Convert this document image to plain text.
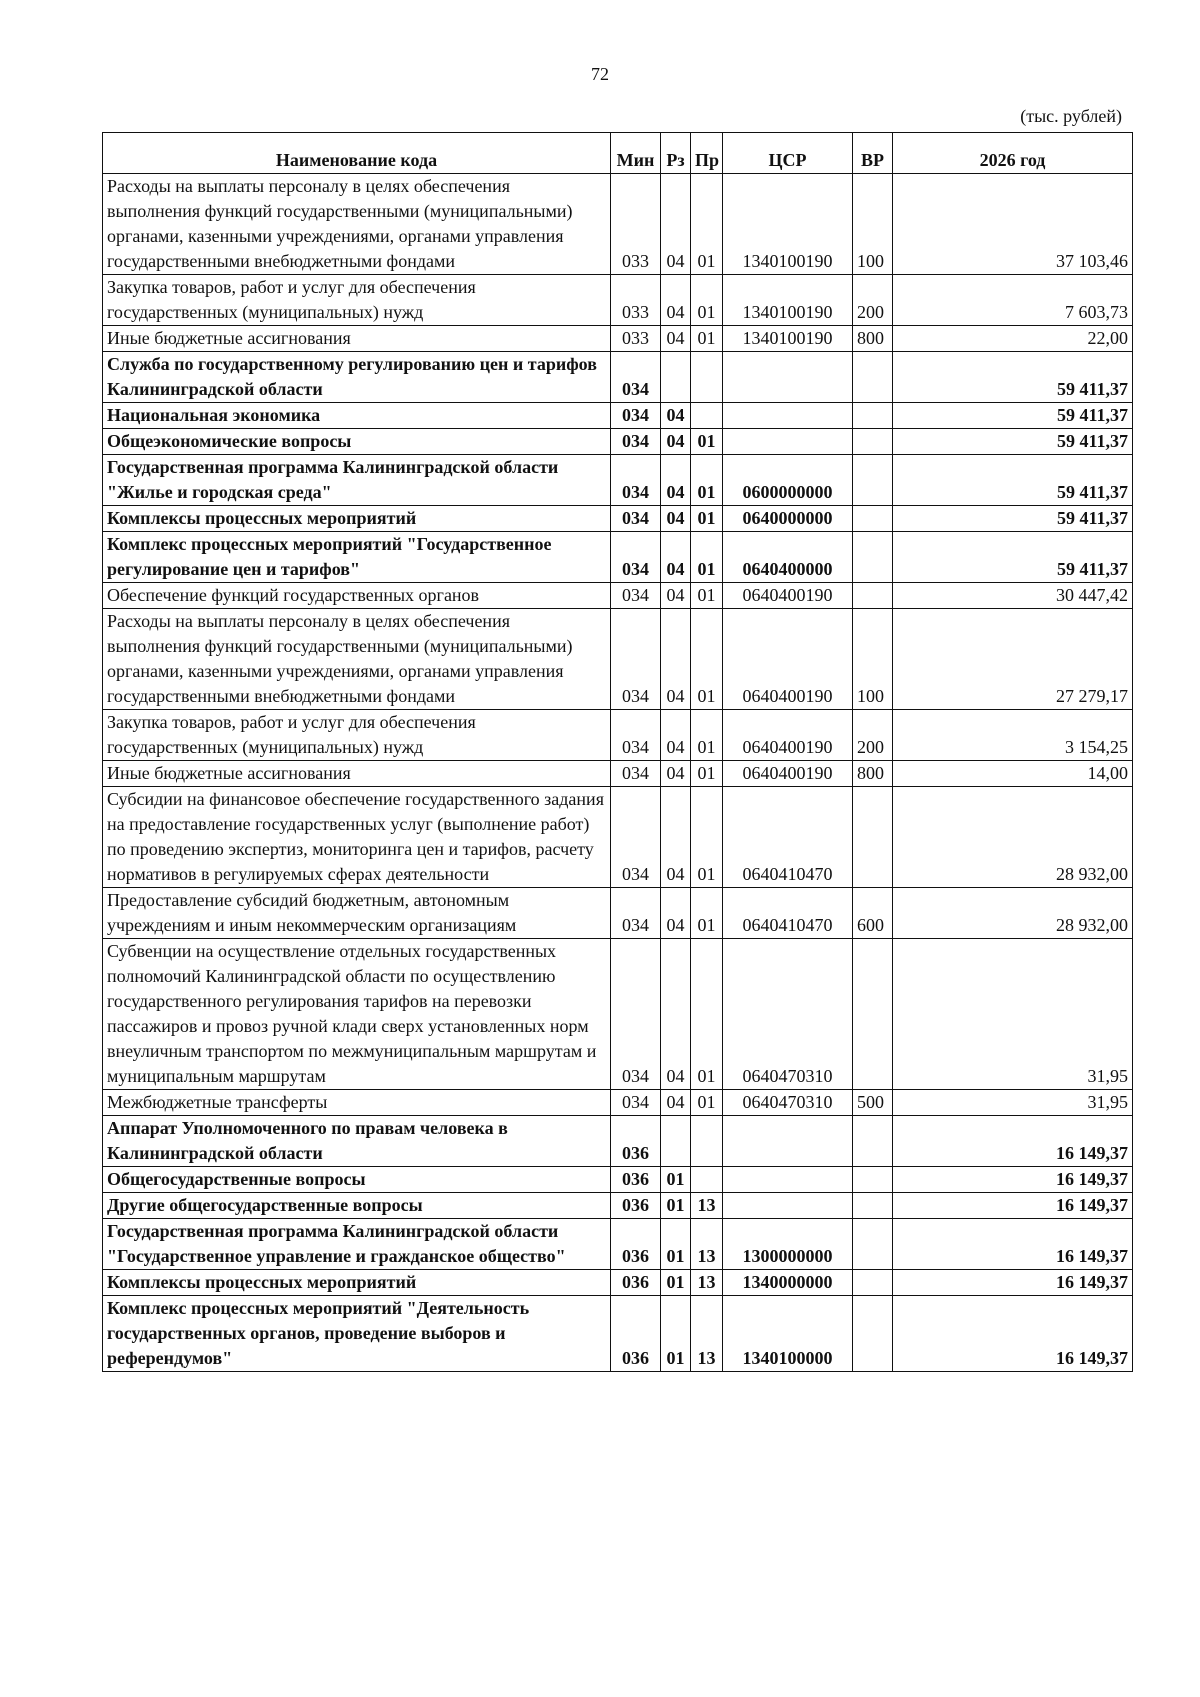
72
(тыс. рублей)
Наименование кода	Мин	Рз	Пр	ЦСР	ВР	2026 год
Расходы на выплаты персоналу в целях обеспечения выполнения функций государственными (муниципальными) органами, казенными учреждениями, органами управления государственными внебюджетными фондами	033	04	01	1340100190	100	37 103,46
Закупка товаров, работ и услуг для обеспечения государственных (муниципальных) нужд	033	04	01	1340100190	200	7 603,73
Иные бюджетные ассигнования	033	04	01	1340100190	800	22,00
Служба по государственному регулированию цен и тарифов Калининградской области	034					59 411,37
Национальная экономика	034	04				59 411,37
Общеэкономические вопросы	034	04	01			59 411,37
Государственная программа Калининградской области "Жилье и городская среда"	034	04	01	0600000000		59 411,37
Комплексы процессных мероприятий	034	04	01	0640000000		59 411,37
Комплекс процессных мероприятий "Государственное регулирование цен и тарифов"	034	04	01	0640400000		59 411,37
Обеспечение функций государственных органов	034	04	01	0640400190		30 447,42
Расходы на выплаты персоналу в целях обеспечения выполнения функций государственными (муниципальными) органами, казенными учреждениями, органами управления государственными внебюджетными фондами	034	04	01	0640400190	100	27 279,17
Закупка товаров, работ и услуг для обеспечения государственных (муниципальных) нужд	034	04	01	0640400190	200	3 154,25
Иные бюджетные ассигнования	034	04	01	0640400190	800	14,00
Субсидии на финансовое обеспечение государственного задания на предоставление государственных услуг (выполнение работ) по проведению экспертиз, мониторинга цен и тарифов, расчету нормативов в регулируемых сферах деятельности	034	04	01	0640410470		28 932,00
Предоставление субсидий бюджетным, автономным учреждениям и иным некоммерческим организациям	034	04	01	0640410470	600	28 932,00
Субвенции на осуществление отдельных государственных полномочий Калининградской области по осуществлению государственного регулирования тарифов на перевозки пассажиров и провоз ручной клади сверх установленных норм внеуличным транспортом по межмуниципальным маршрутам и муниципальным маршрутам	034	04	01	0640470310		31,95
Межбюджетные трансферты	034	04	01	0640470310	500	31,95
Аппарат Уполномоченного по правам человека в Калининградской области	036					16 149,37
Общегосударственные вопросы	036	01				16 149,37
Другие общегосударственные вопросы	036	01	13			16 149,37
Государственная программа Калининградской области "Государственное управление и гражданское общество"	036	01	13	1300000000		16 149,37
Комплексы процессных мероприятий	036	01	13	1340000000		16 149,37
Комплекс процессных мероприятий "Деятельность государственных органов, проведение выборов и референдумов"	036	01	13	1340100000		16 149,37
